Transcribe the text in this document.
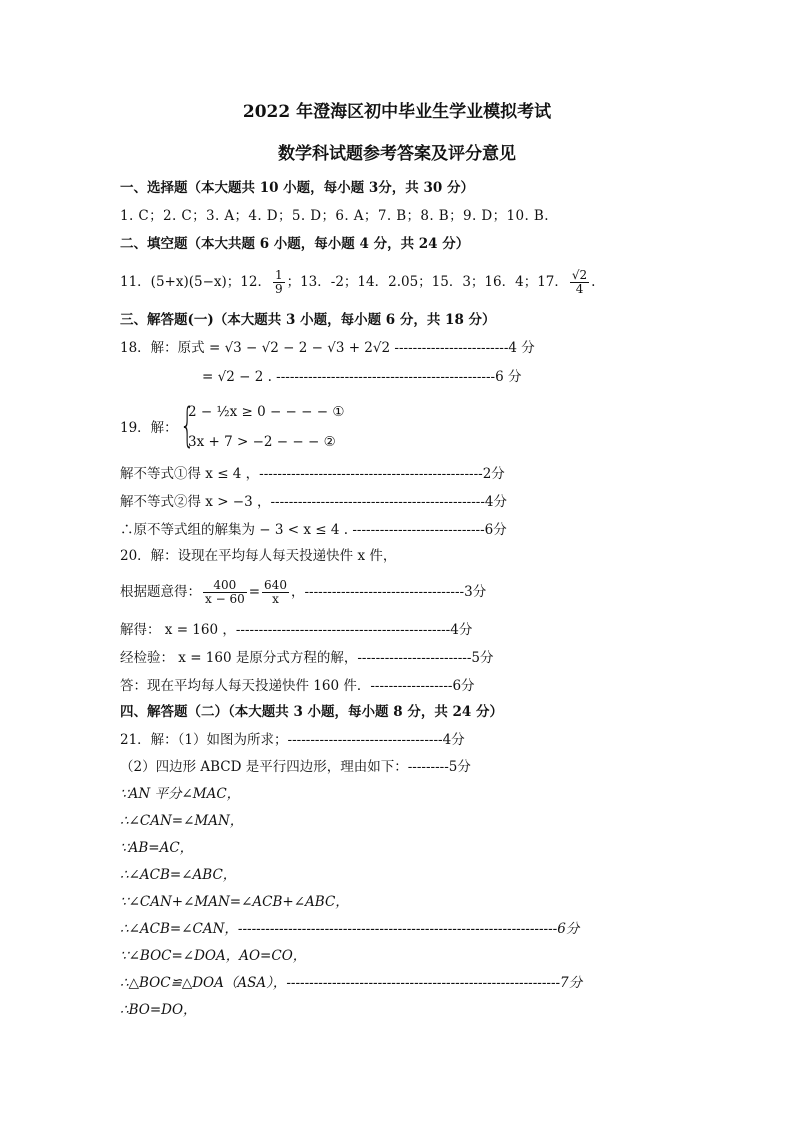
2022 年澄海区初中毕业生学业模拟考试
数学科试题参考答案及评分意见
一、选择题（本大题共 10 小题，每小题 3分，共 30 分）
1. C；2. C；3. A；4. D；5. D；6. A；7. B；8. B；9. D；10. B.
二、填空题（本大共题 6 小题，每小题 4 分，共 24 分）
11．(5+x)(5−x)；12． $\frac{1}{9}$ ；13．-2；14．2.05；15．3；16．4；17． $\frac{√2}{4}$ .
三、解答题(一)（本大题共 3 小题，每小题 6 分，共 18 分）
18．解：原式 = √3 − √2 − 2 − √3 + 2√2 -------------------------4 分
= √2 − 2 . ------------------------------------------------6 分
19．解： {
2 − ½x ≥ 0 − − − − ①
3x + 7 > −2 − − − ②
解不等式①得 x ≤ 4 ，-------------------------------------------------2分
解不等式②得 x > −3 ，-----------------------------------------------4分
∴原不等式组的解集为 − 3 < x ≤ 4 . -----------------------------6分
20．解：设现在平均每人每天投递快件 x 件，
根据题意得： $\frac{400}{x - 60} = \frac{640}{x}$ ，-----------------------------------3分
解得： x = 160 ，-----------------------------------------------4分
经检验： x = 160 是原分式方程的解，-------------------------5分
答：现在平均每人每天投递快件 160 件．------------------6分
四、解答题（二）（本大题共 3 小题，每小题 8 分，共 24 分）
21．解：（1）如图为所求；----------------------------------4分
（2）四边形 ABCD 是平行四边形，理由如下：---------5分
∵AN 平分∠MAC，
∴∠CAN=∠MAN，
∵AB=AC，
∴∠ACB=∠ABC，
∵∠CAN+∠MAN=∠ACB+∠ABC，
∴∠ACB=∠CAN，----------------------------------------------------------------------6分
∵∠BOC=∠DOA，AO=CO，
∴△BOC≌△DOA（ASA），------------------------------------------------------------7分
∴BO=DO，
